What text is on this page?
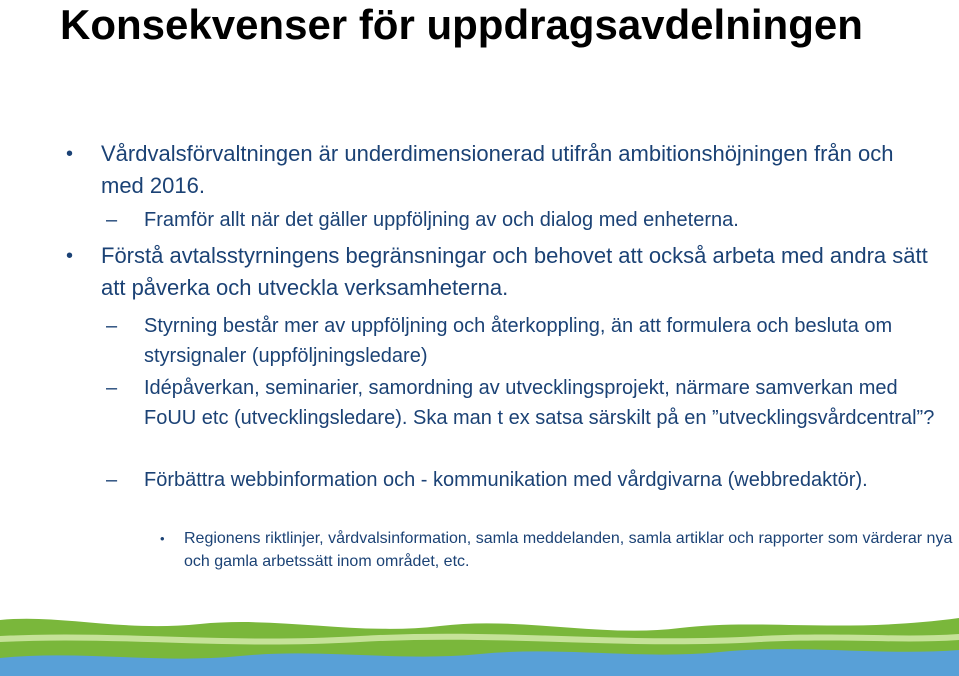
Konsekvenser för uppdragsavdelningen
• Vårdvalsförvaltningen är underdimensionerad utifrån ambitionshöjningen från och med 2016.
– Framför allt när det gäller uppföljning av och dialog med enheterna.
• Förstå avtalsstyrningens begränsningar och behovet att också arbeta med andra sätt att påverka och utveckla verksamheterna.
– Styrning består mer av uppföljning och återkoppling, än att formulera och besluta om styrsignaler (uppföljningsledare)
– Idépåverkan, seminarier, samordning av utvecklingsprojekt, närmare samverkan med FoUU etc (utvecklingsledare). Ska man t ex satsa särskilt på en ”utvecklingsvårdcentral”?
– Förbättra webbinformation och - kommunikation med vårdgivarna (webbredaktör).
• Regionens riktlinjer, vårdvalsinformation, samla meddelanden, samla artiklar och rapporter som värderar nya och gamla arbetssätt inom området, etc.
